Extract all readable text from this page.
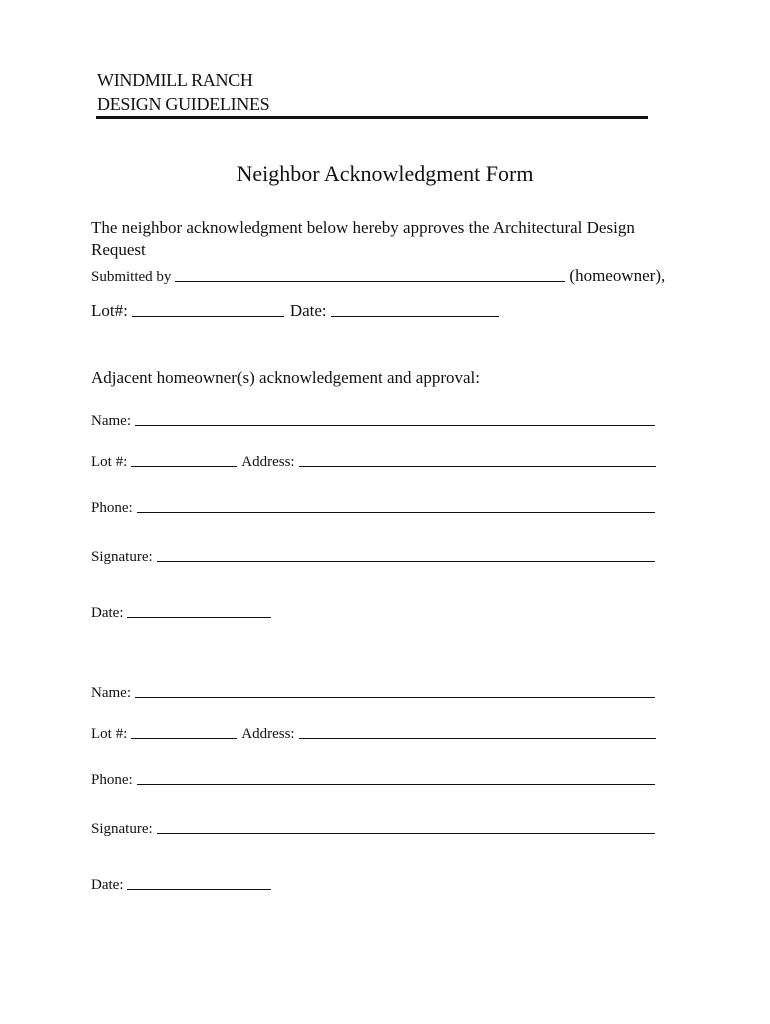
WINDMILL RANCH
DESIGN GUIDELINES
Neighbor Acknowledgment Form
The neighbor acknowledgment below hereby approves the Architectural Design
Request
Submitted by	(homeowner),
Lot#:	Date:
Adjacent homeowner(s) acknowledgement and approval:
Name:
Lot #:	Address:
Phone:
Signature:
Date:
Name:
Lot #:	Address:
Phone:
Signature:
Date:
